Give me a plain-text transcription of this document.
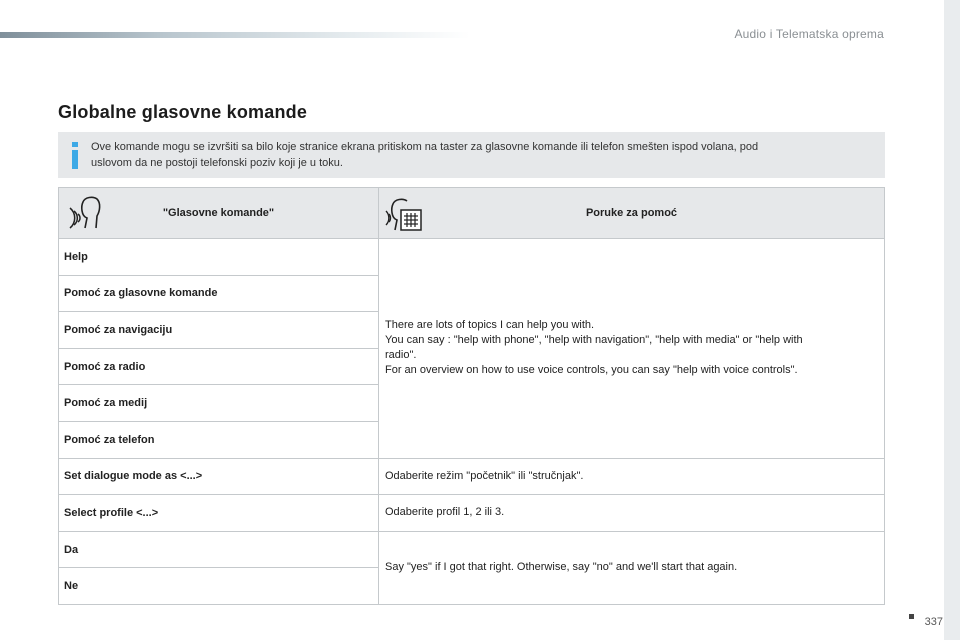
Audio i Telematska oprema
Globalne glasovne komande
Ove komande mogu se izvršiti sa bilo koje stranice ekrana pritiskom na taster za glasovne komande ili telefon smešten ispod volana, pod
uslovom da ne postoji telefonski poziv koji je u toku.
"Glasovne komande"	Poruke za pomoć

Help	There are lots of topics I can help you with.
You can say : "help with phone", "help with navigation", "help with media" or "help with
radio".
For an overview on how to use voice controls, you can say "help with voice controls".
Pomoć za glasovne komande	
Pomoć za navigaciju	
Pomoć za radio	
Pomoć za medij	
Pomoć za telefon	
Set dialogue mode as <...>	Odaberite režim "početnik" ili "stručnjak".
Select profile <...>	Odaberite profil 1, 2 ili 3.
Da	Say "yes" if I got that right. Otherwise, say "no" and we'll start that again.
Ne	
337
